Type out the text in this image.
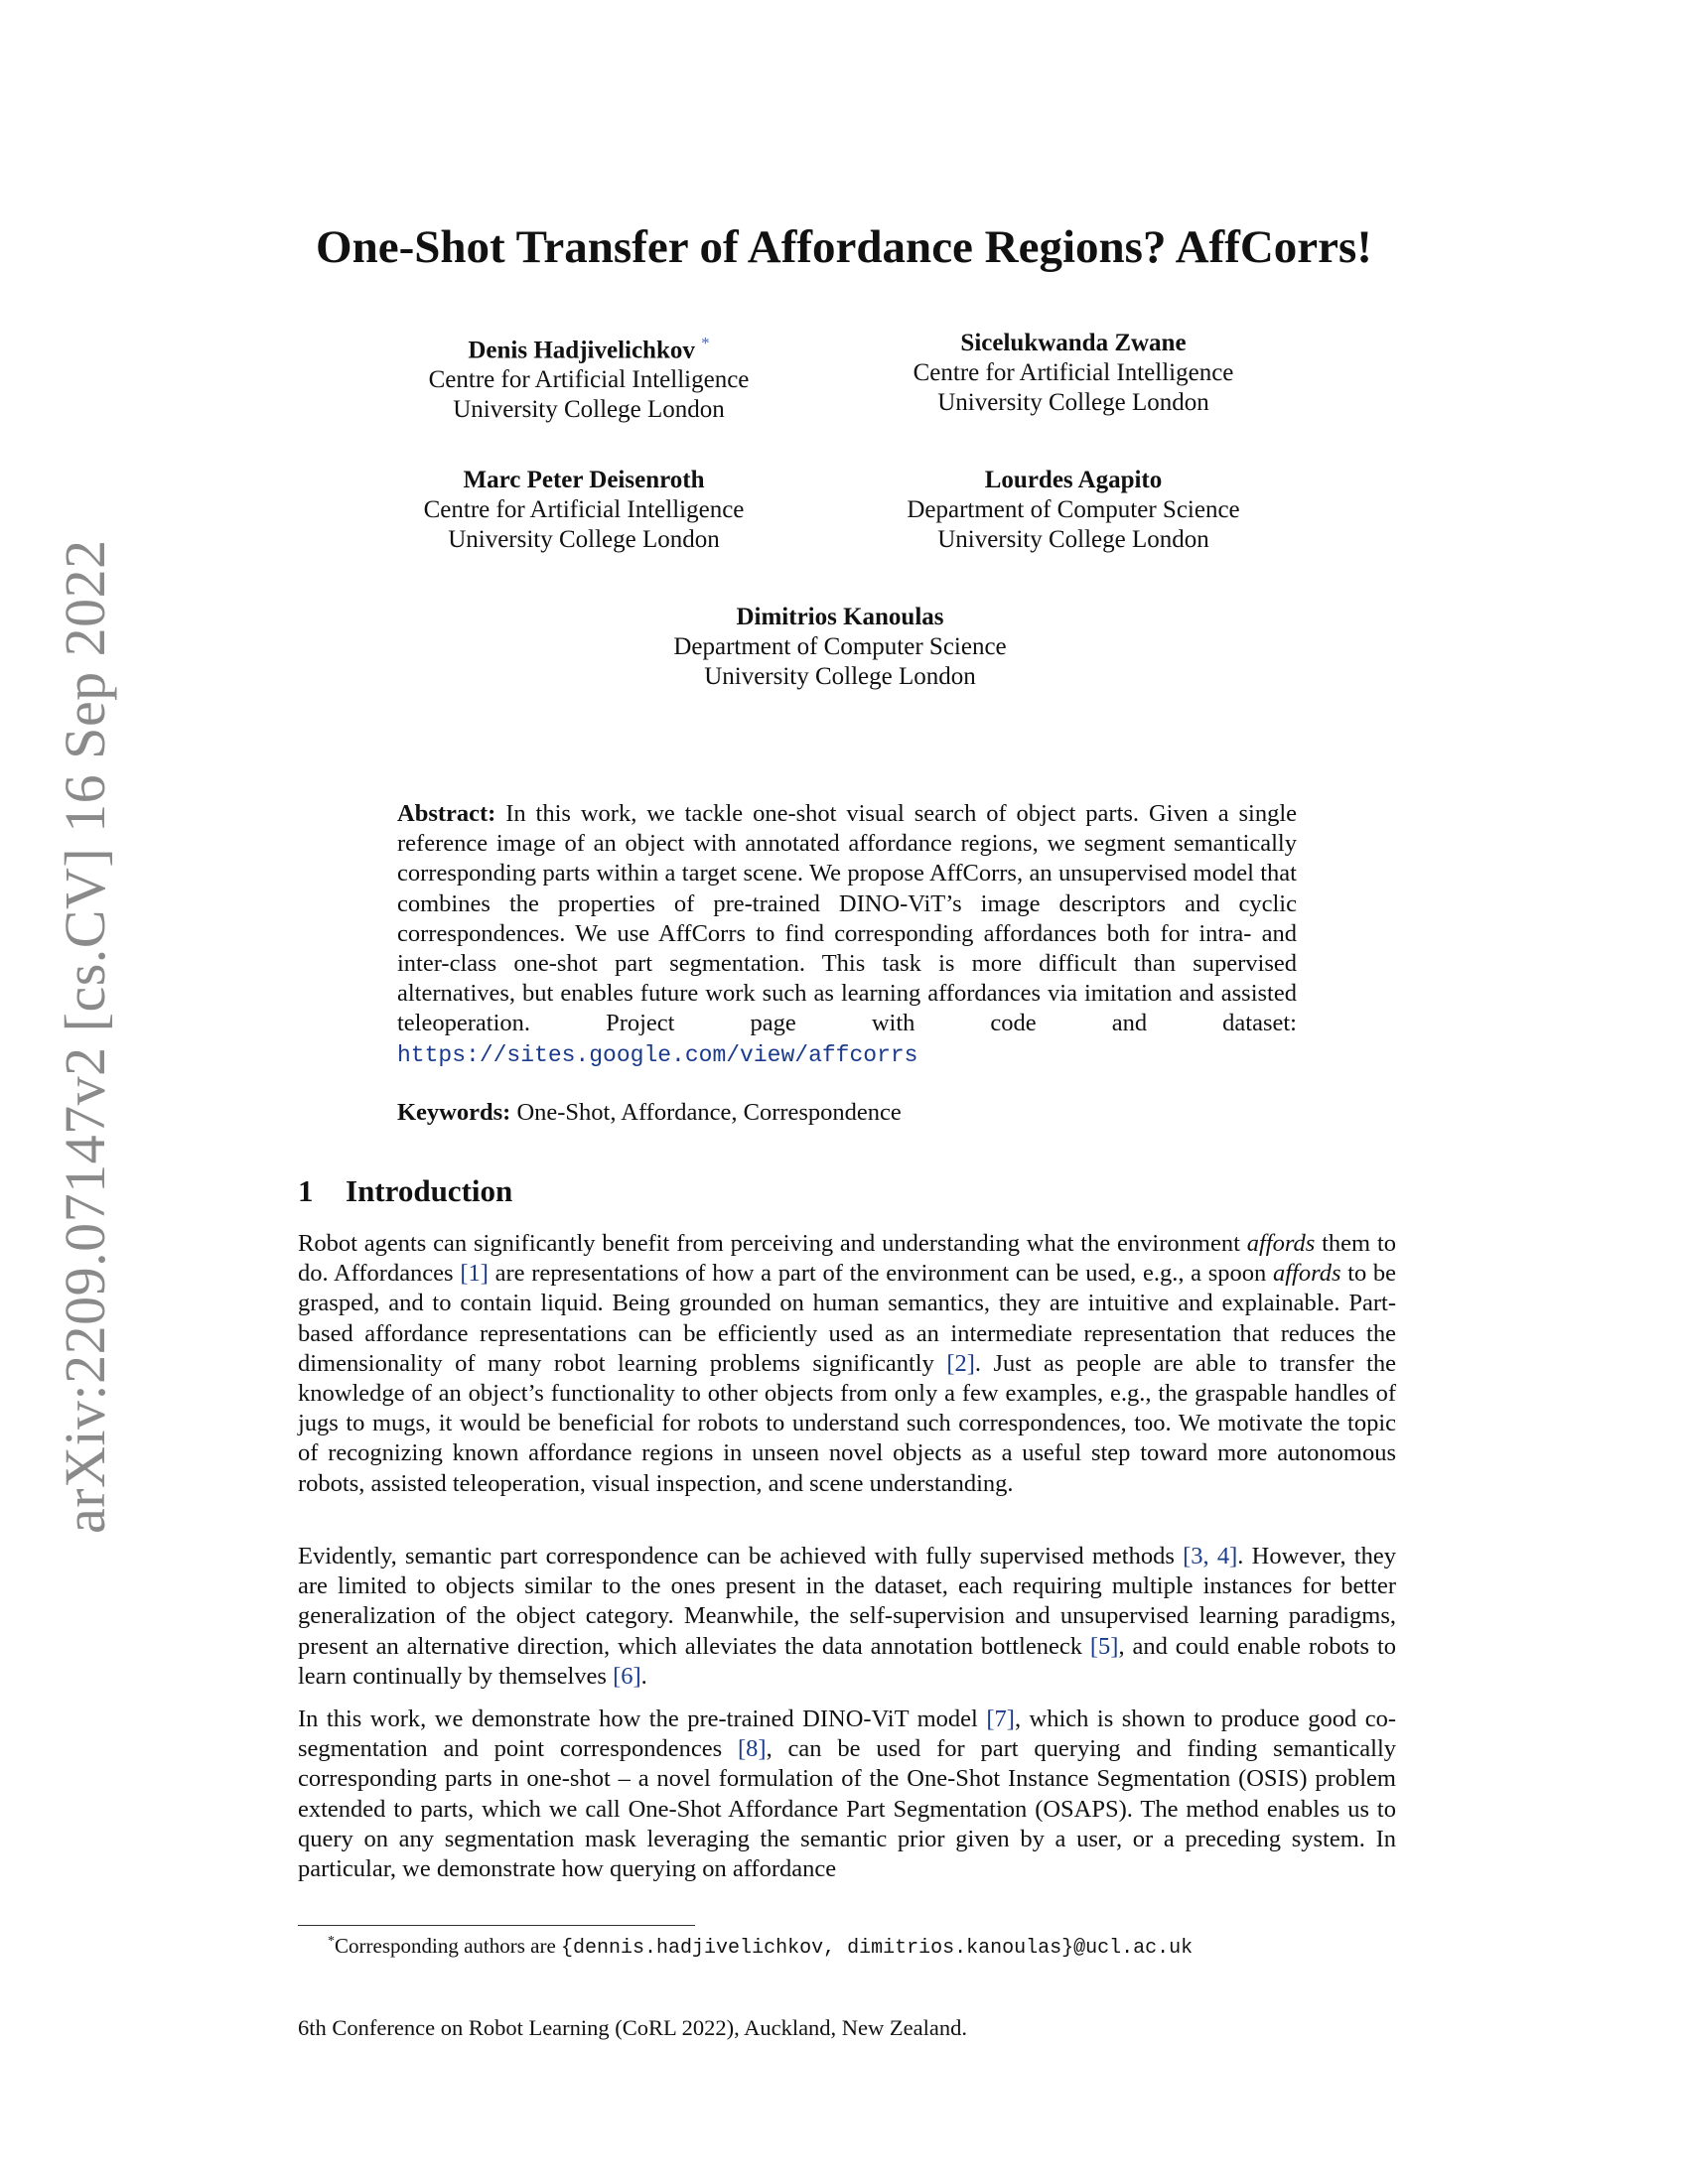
arXiv:2209.07147v2 [cs.CV] 16 Sep 2022
One-Shot Transfer of Affordance Regions? AffCorrs!
Denis Hadjivelichkov *
Centre for Artificial Intelligence
University College London
Sicelukwanda Zwane
Centre for Artificial Intelligence
University College London
Marc Peter Deisenroth
Centre for Artificial Intelligence
University College London
Lourdes Agapito
Department of Computer Science
University College London
Dimitrios Kanoulas
Department of Computer Science
University College London
Abstract: In this work, we tackle one-shot visual search of object parts. Given a single reference image of an object with annotated affordance regions, we segment semantically corresponding parts within a target scene. We propose AffCorrs, an unsupervised model that combines the properties of pre-trained DINO-ViT’s image descriptors and cyclic correspondences. We use AffCorrs to find corresponding affordances both for intra- and inter-class one-shot part segmentation. This task is more difficult than supervised alternatives, but enables future work such as learning affordances via imitation and assisted teleoperation. Project page with code and dataset: https://sites.google.com/view/affcorrs
Keywords: One-Shot, Affordance, Correspondence
1 Introduction
Robot agents can significantly benefit from perceiving and understanding what the environment affords them to do. Affordances [1] are representations of how a part of the environment can be used, e.g., a spoon affords to be grasped, and to contain liquid. Being grounded on human semantics, they are intuitive and explainable. Part-based affordance representations can be efficiently used as an intermediate representation that reduces the dimensionality of many robot learning problems significantly [2]. Just as people are able to transfer the knowledge of an object’s functionality to other objects from only a few examples, e.g., the graspable handles of jugs to mugs, it would be beneficial for robots to understand such correspondences, too. We motivate the topic of recognizing known affordance regions in unseen novel objects as a useful step toward more autonomous robots, assisted teleoperation, visual inspection, and scene understanding.
Evidently, semantic part correspondence can be achieved with fully supervised methods [3, 4]. However, they are limited to objects similar to the ones present in the dataset, each requiring multiple instances for better generalization of the object category. Meanwhile, the self-supervision and unsupervised learning paradigms, present an alternative direction, which alleviates the data annotation bottleneck [5], and could enable robots to learn continually by themselves [6].
In this work, we demonstrate how the pre-trained DINO-ViT model [7], which is shown to produce good co-segmentation and point correspondences [8], can be used for part querying and finding semantically corresponding parts in one-shot – a novel formulation of the One-Shot Instance Segmentation (OSIS) problem extended to parts, which we call One-Shot Affordance Part Segmentation (OSAPS). The method enables us to query on any segmentation mask leveraging the semantic prior given by a user, or a preceding system. In particular, we demonstrate how querying on affordance
*Corresponding authors are {dennis.hadjivelichkov, dimitrios.kanoulas}@ucl.ac.uk
6th Conference on Robot Learning (CoRL 2022), Auckland, New Zealand.
